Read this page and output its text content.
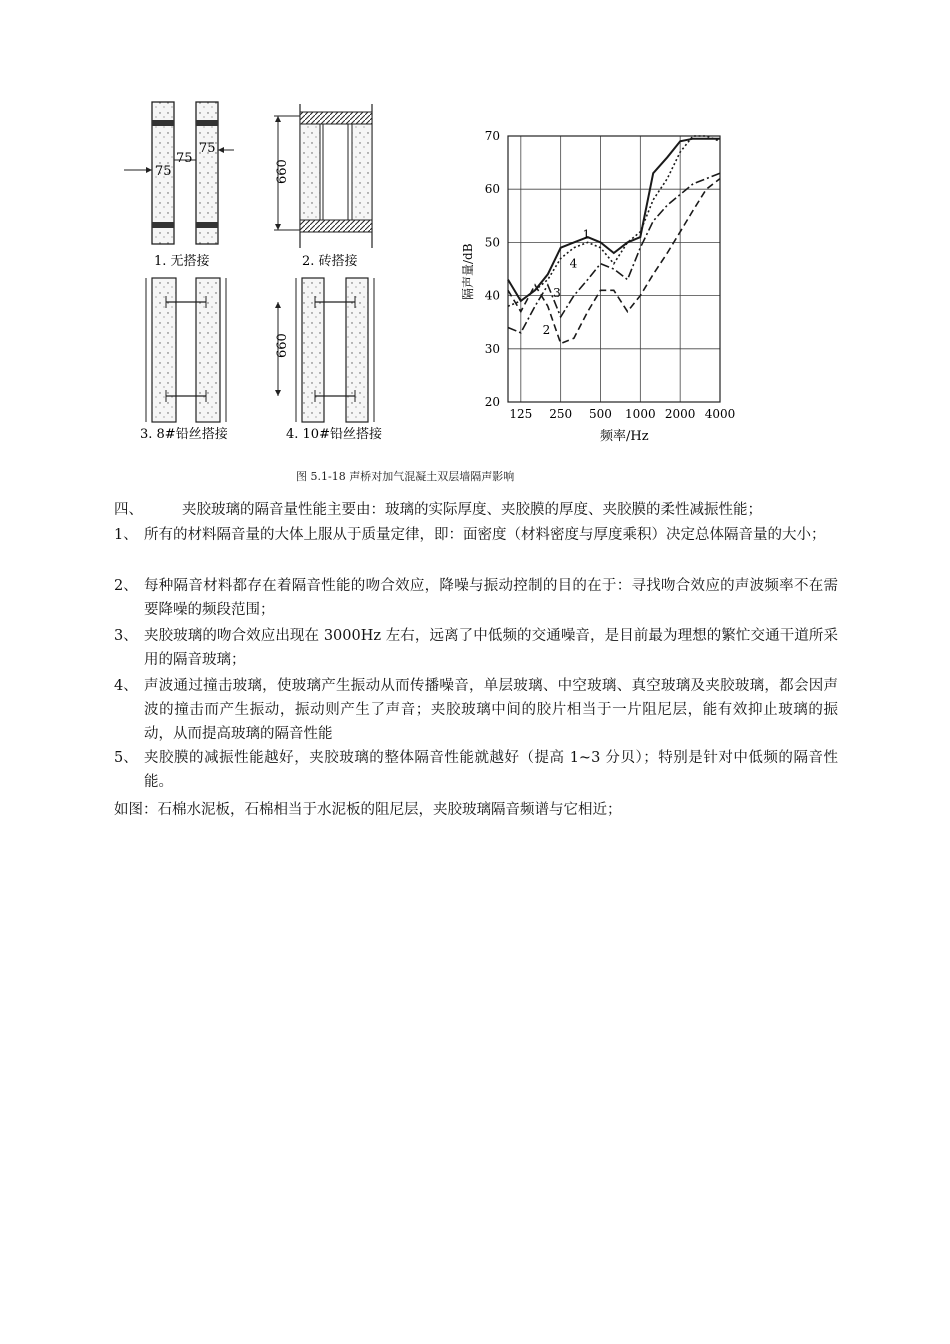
75
75
75
1. 无搭接
660
2. 砖搭接
3. 8#铅丝搭接
660
4. 10#铅丝搭接
20
30
40
50
60
70
125 250 500 1000 2000 4000
1
2
3
4
隔声量/dB
频率/Hz
图 5.1-18 声桥对加气混凝土双层墙隔声影响
四、	夹胶玻璃的隔音量性能主要由：玻璃的实际厚度、夹胶膜的厚度、夹胶膜的柔性减振性能；
1、 所有的材料隔音量的大体上服从于质量定律，即：面密度（材料密度与厚度乘积）决定总体隔音量的大小；
2、 每种隔音材料都存在着隔音性能的吻合效应，降噪与振动控制的目的在于：寻找吻合效应的声波频率不在需要降噪的频段范围；
3、 夹胶玻璃的吻合效应出现在 3000Hz 左右，远离了中低频的交通噪音，是目前最为理想的繁忙交通干道所采用的隔音玻璃；
4、 声波通过撞击玻璃，使玻璃产生振动从而传播噪音，单层玻璃、中空玻璃、真空玻璃及夹胶玻璃，都会因声波的撞击而产生振动，振动则产生了声音；夹胶玻璃中间的胶片相当于一片阻尼层，能有效抑止玻璃的振动，从而提高玻璃的隔音性能
5、 夹胶膜的减振性能越好，夹胶玻璃的整体隔音性能就越好（提高 1~3 分贝）；特别是针对中低频的隔音性能。
如图：石棉水泥板，石棉相当于水泥板的阻尼层，夹胶玻璃隔音频谱与它相近；
